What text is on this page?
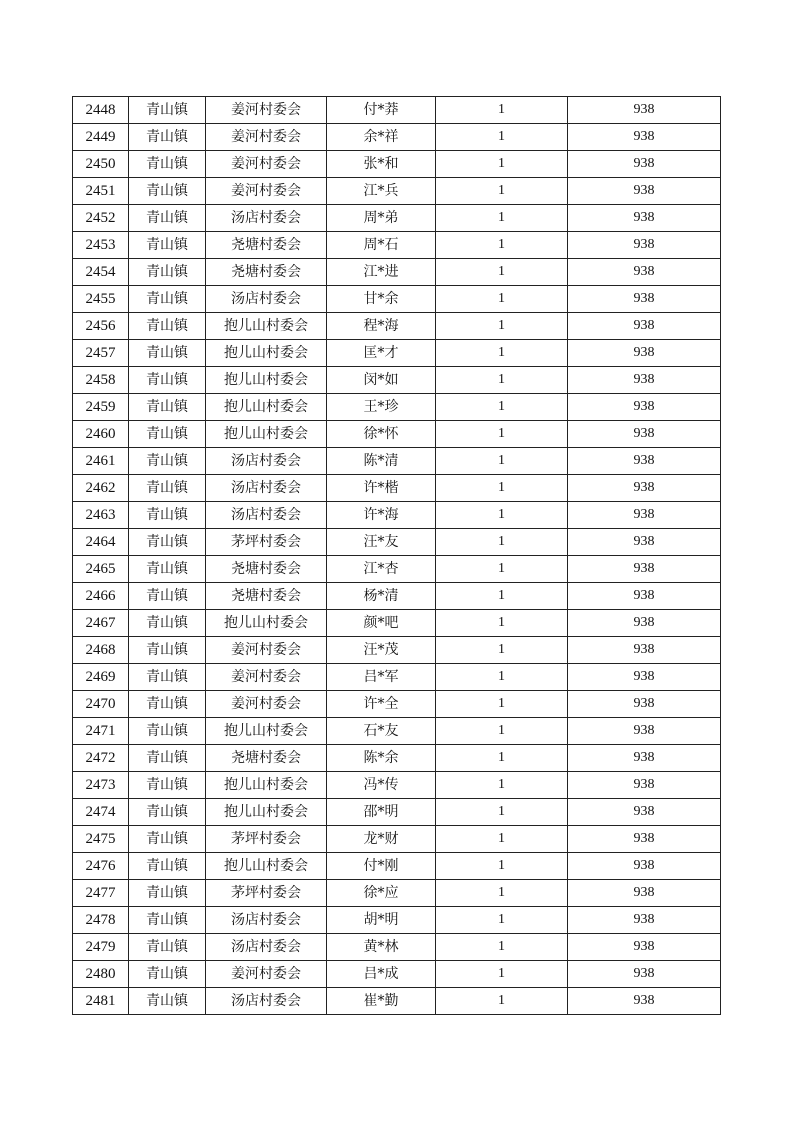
2448	青山镇	姜河村委会	付*莽	1	938
2449	青山镇	姜河村委会	余*祥	1	938
2450	青山镇	姜河村委会	张*和	1	938
2451	青山镇	姜河村委会	江*兵	1	938
2452	青山镇	汤店村委会	周*弟	1	938
2453	青山镇	尧塘村委会	周*石	1	938
2454	青山镇	尧塘村委会	江*进	1	938
2455	青山镇	汤店村委会	甘*余	1	938
2456	青山镇	抱儿山村委会	程*海	1	938
2457	青山镇	抱儿山村委会	匡*才	1	938
2458	青山镇	抱儿山村委会	闵*如	1	938
2459	青山镇	抱儿山村委会	王*珍	1	938
2460	青山镇	抱儿山村委会	徐*怀	1	938
2461	青山镇	汤店村委会	陈*清	1	938
2462	青山镇	汤店村委会	许*楷	1	938
2463	青山镇	汤店村委会	许*海	1	938
2464	青山镇	茅坪村委会	汪*友	1	938
2465	青山镇	尧塘村委会	江*杏	1	938
2466	青山镇	尧塘村委会	杨*清	1	938
2467	青山镇	抱儿山村委会	颜*吧	1	938
2468	青山镇	姜河村委会	汪*茂	1	938
2469	青山镇	姜河村委会	吕*军	1	938
2470	青山镇	姜河村委会	许*全	1	938
2471	青山镇	抱儿山村委会	石*友	1	938
2472	青山镇	尧塘村委会	陈*余	1	938
2473	青山镇	抱儿山村委会	冯*传	1	938
2474	青山镇	抱儿山村委会	邵*明	1	938
2475	青山镇	茅坪村委会	龙*财	1	938
2476	青山镇	抱儿山村委会	付*刚	1	938
2477	青山镇	茅坪村委会	徐*应	1	938
2478	青山镇	汤店村委会	胡*明	1	938
2479	青山镇	汤店村委会	黄*林	1	938
2480	青山镇	姜河村委会	吕*成	1	938
2481	青山镇	汤店村委会	崔*勤	1	938
